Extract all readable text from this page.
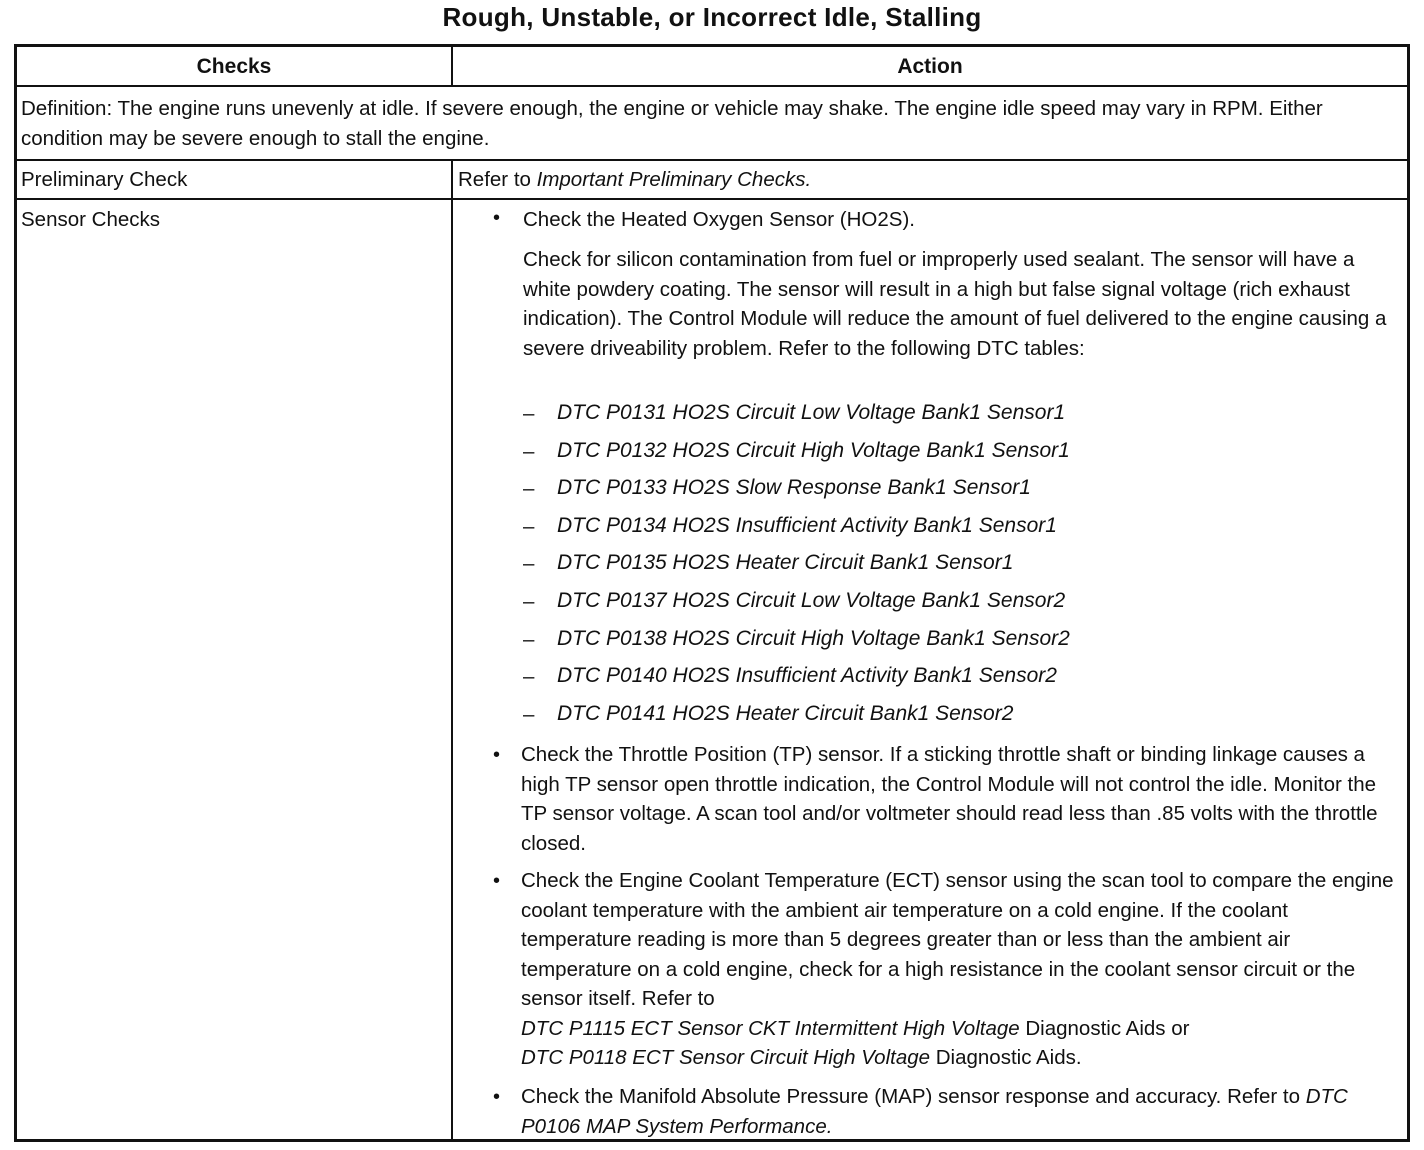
Rough, Unstable, or Incorrect Idle, Stalling
Checks	Action
Definition: The engine runs unevenly at idle. If severe enough, the engine or vehicle may shake. The engine idle speed may vary in RPM. Either condition may be severe enough to stall the engine.
Preliminary Check	Refer to Important Preliminary Checks.
Sensor Checks	• Check the Heated Oxygen Sensor (HO2S).
Check for silicon contamination from fuel or improperly used sealant. The sensor will have a white powdery coating. The sensor will result in a high but false signal voltage (rich exhaust indication). The Control Module will reduce the amount of fuel delivered to the engine causing a severe driveability problem. Refer to the following DTC tables:
– DTC P0131 HO2S Circuit Low Voltage Bank1 Sensor1
– DTC P0132 HO2S Circuit High Voltage Bank1 Sensor1
– DTC P0133 HO2S Slow Response Bank1 Sensor1
– DTC P0134 HO2S Insufficient Activity Bank1 Sensor1
– DTC P0135 HO2S Heater Circuit Bank1 Sensor1
– DTC P0137 HO2S Circuit Low Voltage Bank1 Sensor2
– DTC P0138 HO2S Circuit High Voltage Bank1 Sensor2
– DTC P0140 HO2S Insufficient Activity Bank1 Sensor2
– DTC P0141 HO2S Heater Circuit Bank1 Sensor2
• Check the Throttle Position (TP) sensor. If a sticking throttle shaft or binding linkage causes a high TP sensor open throttle indication, the Control Module will not control the idle. Monitor the TP sensor voltage. A scan tool and/or voltmeter should read less than .85 volts with the throttle closed.
• Check the Engine Coolant Temperature (ECT) sensor using the scan tool to compare the engine coolant temperature with the ambient air temperature on a cold engine. If the coolant temperature reading is more than 5 degrees greater than or less than the ambient air temperature on a cold engine, check for a high resistance in the coolant sensor circuit or the sensor itself. Refer to
DTC P1115 ECT Sensor CKT Intermittent High Voltage Diagnostic Aids or
DTC P0118 ECT Sensor Circuit High Voltage Diagnostic Aids.
• Check the Manifold Absolute Pressure (MAP) sensor response and accuracy. Refer to DTC P0106 MAP System Performance.
